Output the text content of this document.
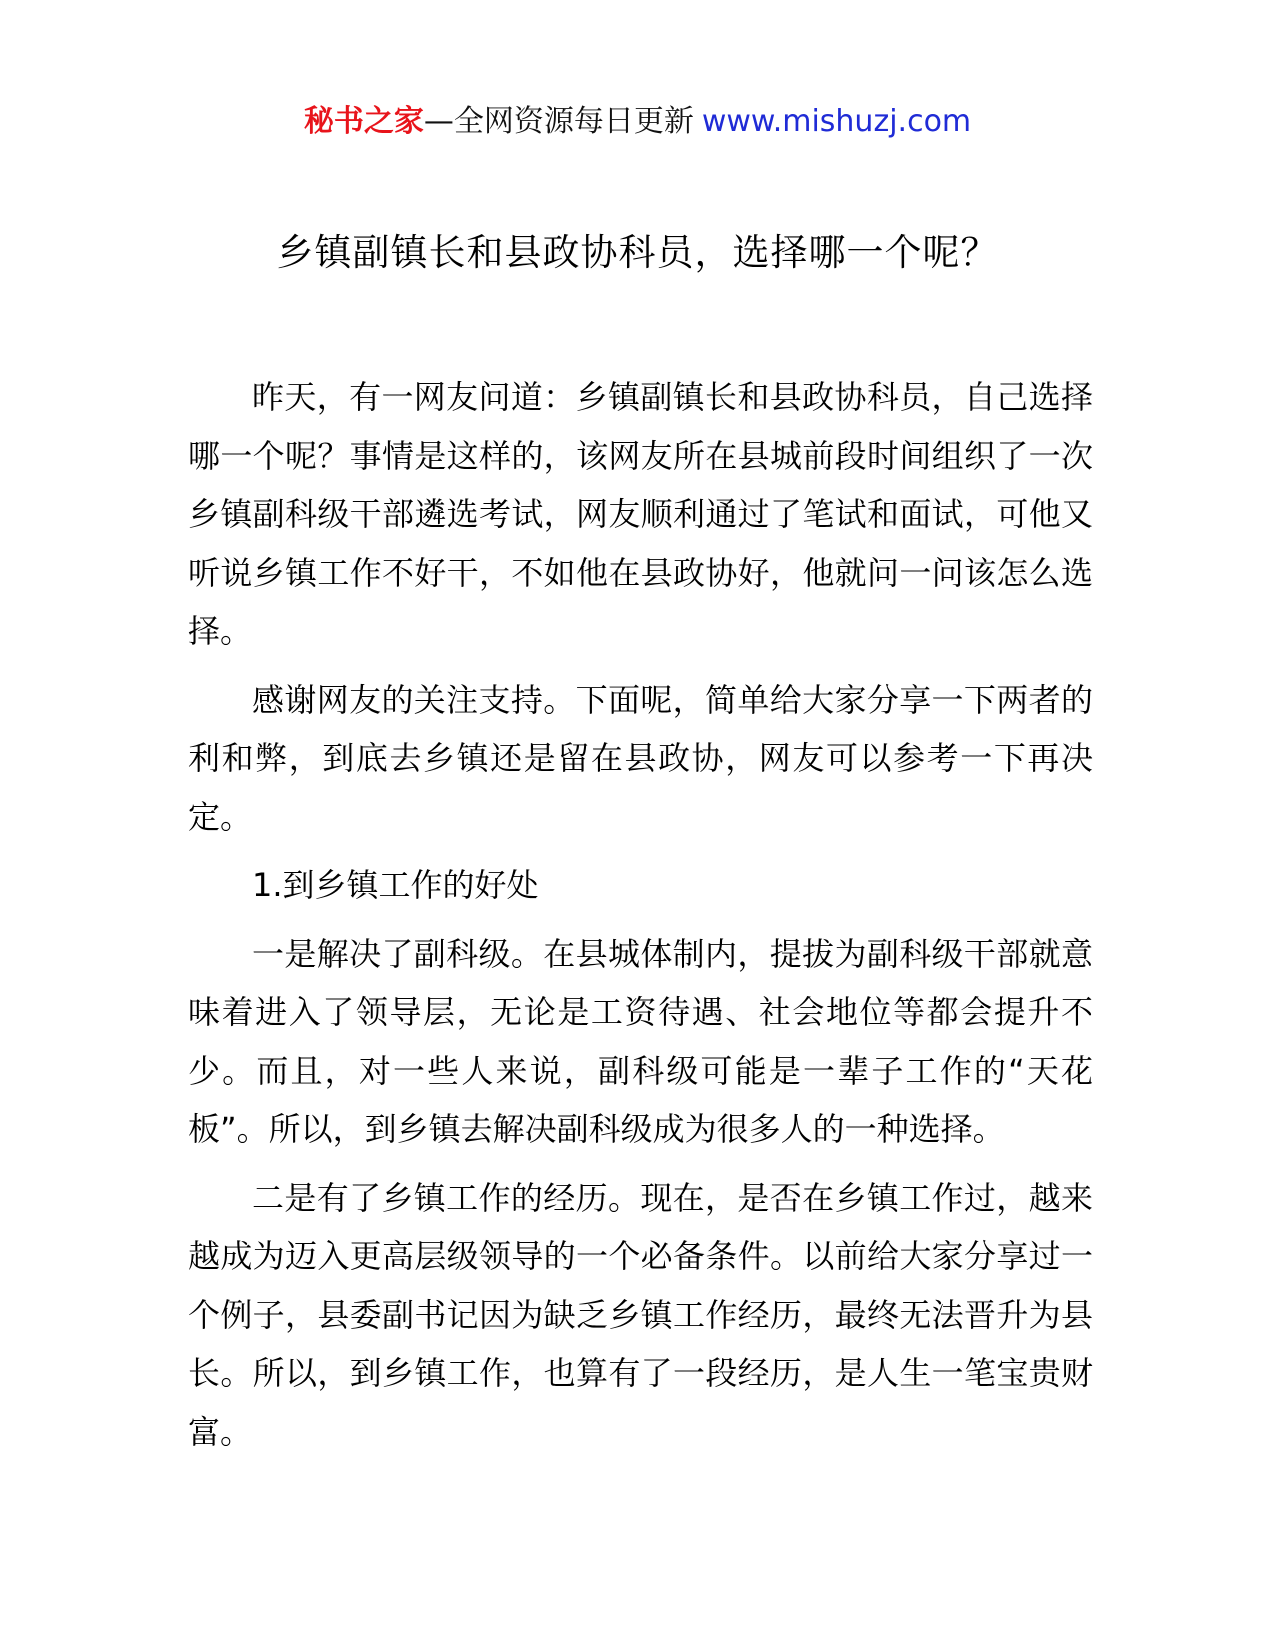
秘书之家—全网资源每日更新 www.mishuzj.com
乡镇副镇长和县政协科员，选择哪一个呢？

昨天，有一网友问道：乡镇副镇长和县政协科员，自己选择哪一个呢？事情是这样的，该网友所在县城前段时间组织了一次乡镇副科级干部遴选考试，网友顺利通过了笔试和面试，可他又听说乡镇工作不好干，不如他在县政协好，他就问一问该怎么选择。

感谢网友的关注支持。下面呢，简单给大家分享一下两者的利和弊，到底去乡镇还是留在县政协，网友可以参考一下再决定。

1.到乡镇工作的好处

一是解决了副科级。在县城体制内，提拔为副科级干部就意味着进入了领导层，无论是工资待遇、社会地位等都会提升不少。而且，对一些人来说，副科级可能是一辈子工作的“天花板”。所以，到乡镇去解决副科级成为很多人的一种选择。

二是有了乡镇工作的经历。现在，是否在乡镇工作过，越来越成为迈入更高层级领导的一个必备条件。以前给大家分享过一个例子，县委副书记因为缺乏乡镇工作经历，最终无法晋升为县长。所以，到乡镇工作，也算有了一段经历，是人生一笔宝贵财富。
